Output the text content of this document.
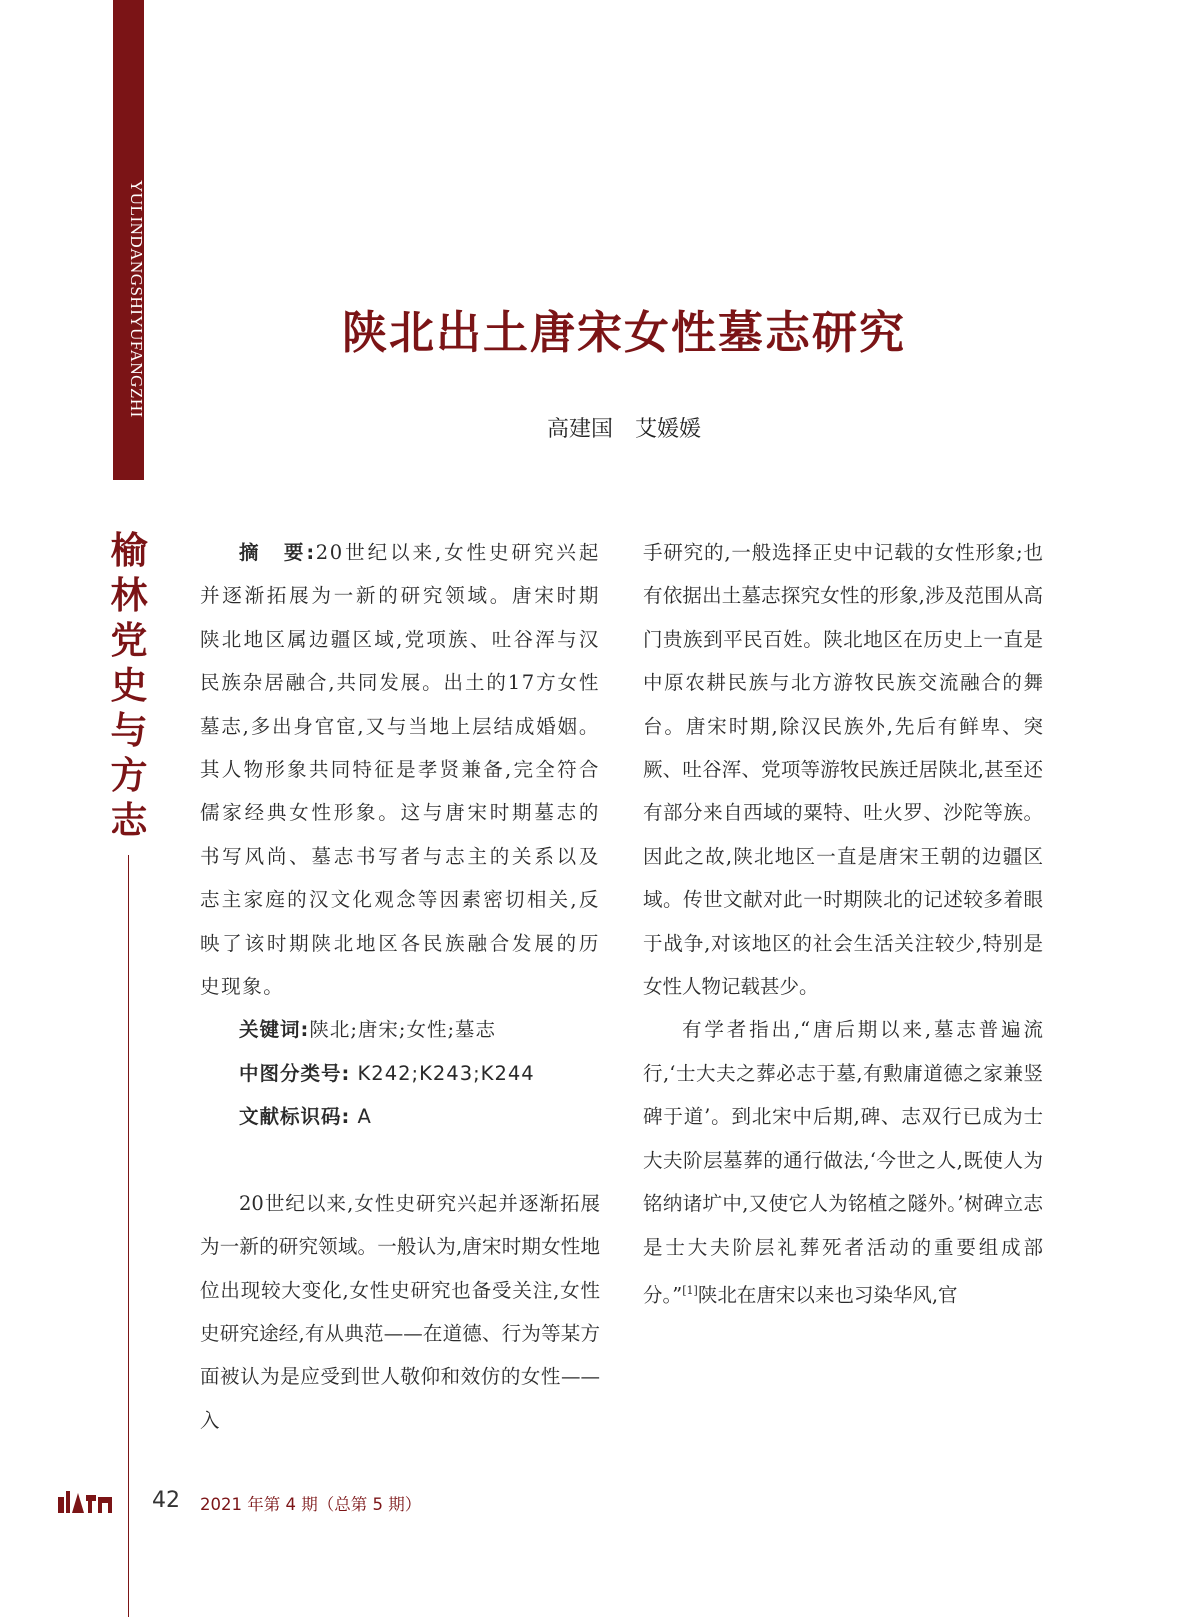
YULINDANGSHIYUFANGZHI
榆
林
党
史
与
方
志
陕北出土唐宋女性墓志研究
高建国 艾媛媛

摘　要:20世纪以来,女性史研究兴起并逐渐拓展为一新的研究领域。唐宋时期陕北地区属边疆区域,党项族、吐谷浑与汉民族杂居融合,共同发展。出土的17方女性墓志,多出身官宦,又与当地上层结成婚姻。其人物形象共同特征是孝贤兼备,完全符合儒家经典女性形象。这与唐宋时期墓志的书写风尚、墓志书写者与志主的关系以及志主家庭的汉文化观念等因素密切相关,反映了该时期陕北地区各民族融合发展的历史现象。

关键词:陕北;唐宋;女性;墓志

中图分类号: K242;K243;K244

文献标识码: A

20世纪以来,女性史研究兴起并逐渐拓展为一新的研究领域。一般认为,唐宋时期女性地位出现较大变化,女性史研究也备受关注,女性史研究途经,有从典范——在道德、行为等某方面被认为是应受到世人敬仰和效仿的女性——入

手研究的,一般选择正史中记载的女性形象;也有依据出土墓志探究女性的形象,涉及范围从高门贵族到平民百姓。陕北地区在历史上一直是中原农耕民族与北方游牧民族交流融合的舞台。唐宋时期,除汉民族外,先后有鲜卑、突厥、吐谷浑、党项等游牧民族迁居陕北,甚至还有部分来自西域的粟特、吐火罗、沙陀等族。因此之故,陕北地区一直是唐宋王朝的边疆区域。传世文献对此一时期陕北的记述较多着眼于战争,对该地区的社会生活关注较少,特别是女性人物记载甚少。

有学者指出,“唐后期以来,墓志普遍流行,‘士大夫之葬必志于墓,有勲庸道德之家兼竖碑于道’。到北宋中后期,碑、志双行已成为士大夫阶层墓葬的通行做法,‘今世之人,既使人为铭纳诸圹中,又使它人为铭植之隧外。’树碑立志是士大夫阶层礼葬死者活动的重要组成部分。”[1]陕北在唐宋以来也习染华风,官

42 2021 年第 4 期（总第 5 期）
